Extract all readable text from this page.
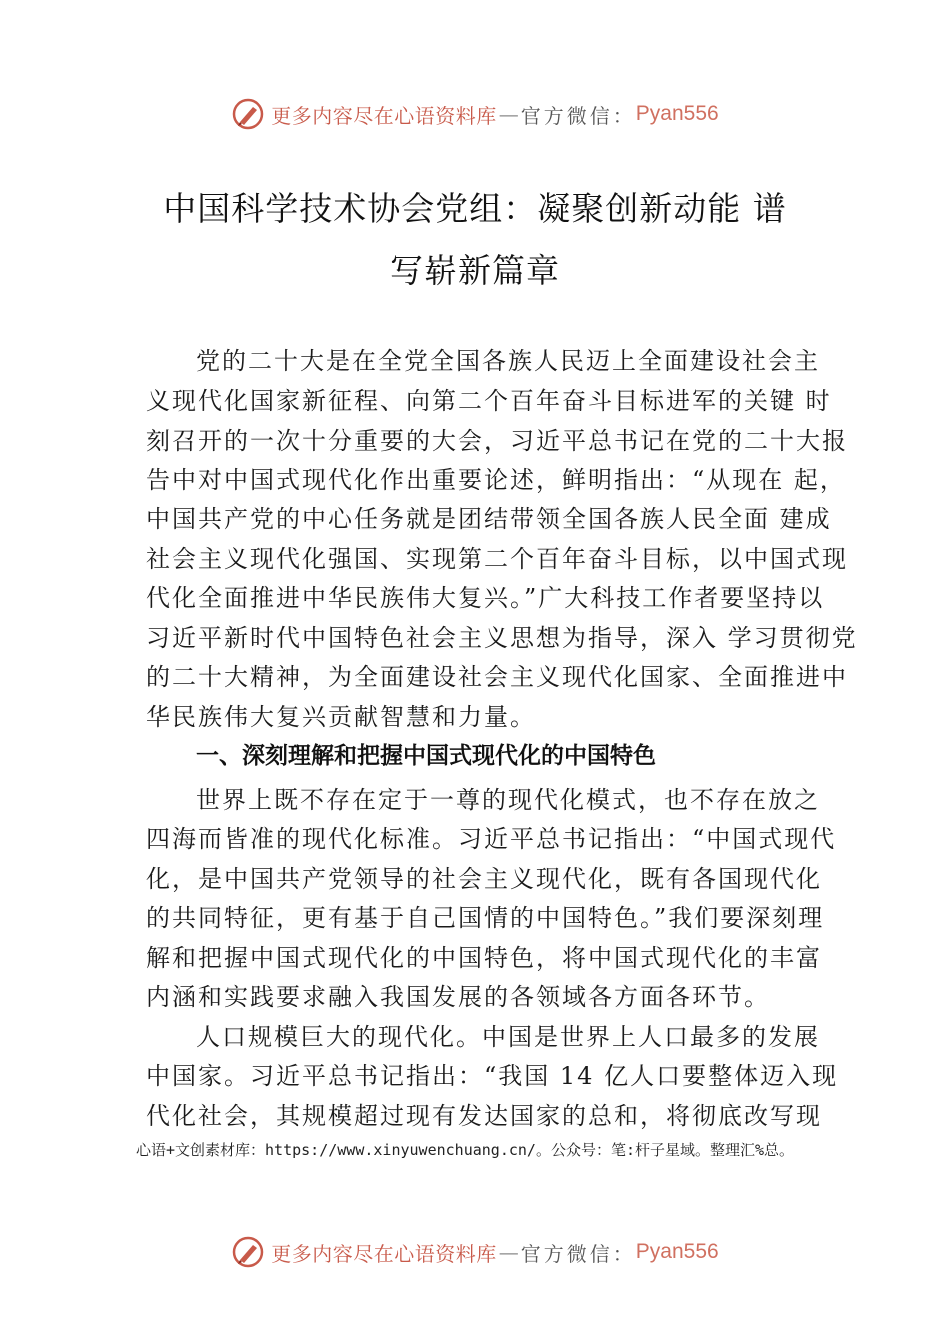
更多内容尽在心语资料库 — 官方微信： Pyan556
中国科学技术协会党组：凝聚创新动能 谱
写崭新篇章
党的二十大是在全党全国各族人民迈上全面建设社会主
义现代化国家新征程、向第二个百年奋斗目标进军的关键 时
刻召开的一次十分重要的大会，习近平总书记在党的二十大报
告中对中国式现代化作出重要论述，鲜明指出：“从现在 起，
中国共产党的中心任务就是团结带领全国各族人民全面 建成
社会主义现代化强国、实现第二个百年奋斗目标，以中国式现
代化全面推进中华民族伟大复兴。”广大科技工作者要坚持以
习近平新时代中国特色社会主义思想为指导，深入 学习贯彻党
的二十大精神，为全面建设社会主义现代化国家、全面推进中
华民族伟大复兴贡献智慧和力量。
一、深刻理解和把握中国式现代化的中国特色
世界上既不存在定于一尊的现代化模式，也不存在放之
四海而皆准的现代化标准。习近平总书记指出：“中国式现代
化，是中国共产党领导的社会主义现代化，既有各国现代化
的共同特征，更有基于自己国情的中国特色。”我们要深刻理
解和把握中国式现代化的中国特色，将中国式现代化的丰富
内涵和实践要求融入我国发展的各领域各方面各环节。
人口规模巨大的现代化。中国是世界上人口最多的发展
中国家。习近平总书记指出：“我国 14 亿人口要整体迈入现
代化社会，其规模超过现有发达国家的总和，将彻底改写现
心语+文创素材库：https://www.xinyuwenchuang.cn/。公众号：笔:杆子星域。整理汇%总。
更多内容尽在心语资料库 — 官方微信： Pyan556
